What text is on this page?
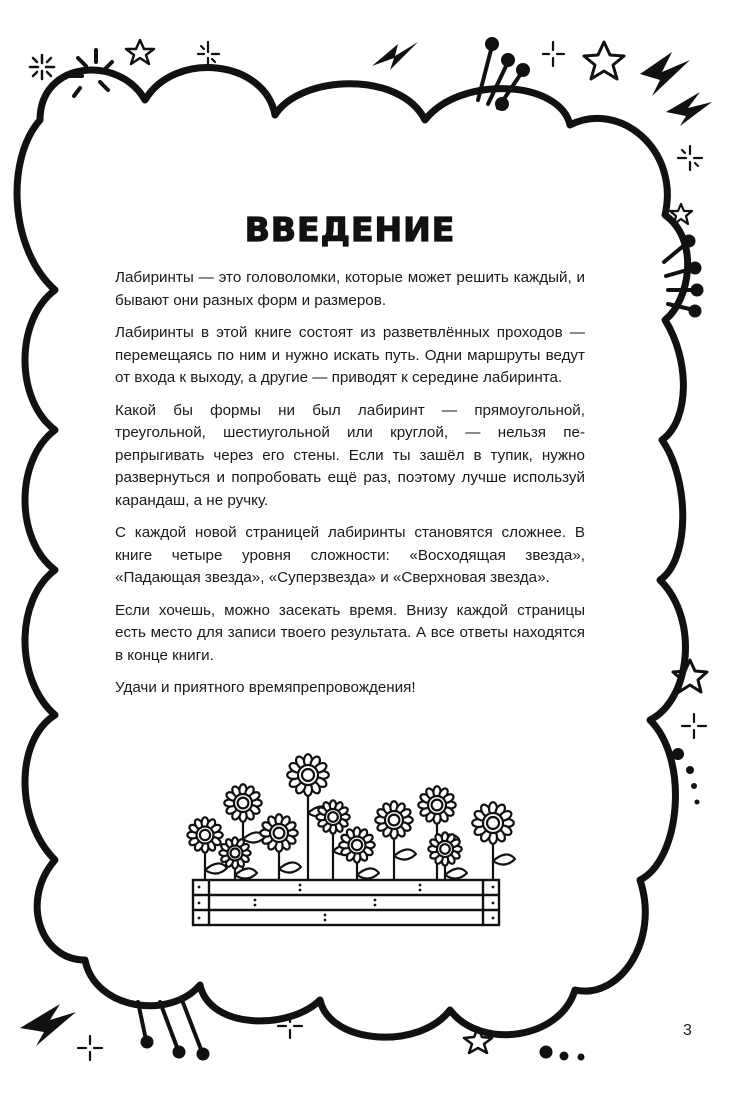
ВВЕДЕНИЕ

Лабиринты — это головоломки, которые может решить каждый, и бывают они разных форм и размеров.

Лабиринты в этой книге состоят из разветвлённых проходов — перемещаясь по ним и нужно искать путь. Одни маршруты ведут от входа к выходу, а другие — приводят к середине лабиринта.

Какой бы формы ни был лабиринт — прямоугольной, треугольной, шестиугольной или круглой, — нельзя перепрыгивать через его стены. Если ты зашёл в тупик, нужно развернуться и попробовать ещё раз, поэтому лучше используй карандаш, а не ручку.

С каждой новой страницей лабиринты становятся сложнее. В книге четыре уровня сложности: «Восходящая звезда», «Падающая звезда», «Суперзвезда» и «Сверхновая звезда».

Если хочешь, можно засекать время. Внизу каждой страницы есть место для записи твоего результата. А все ответы находятся в конце книги.

Удачи и приятного времяпрепровождения!

3
